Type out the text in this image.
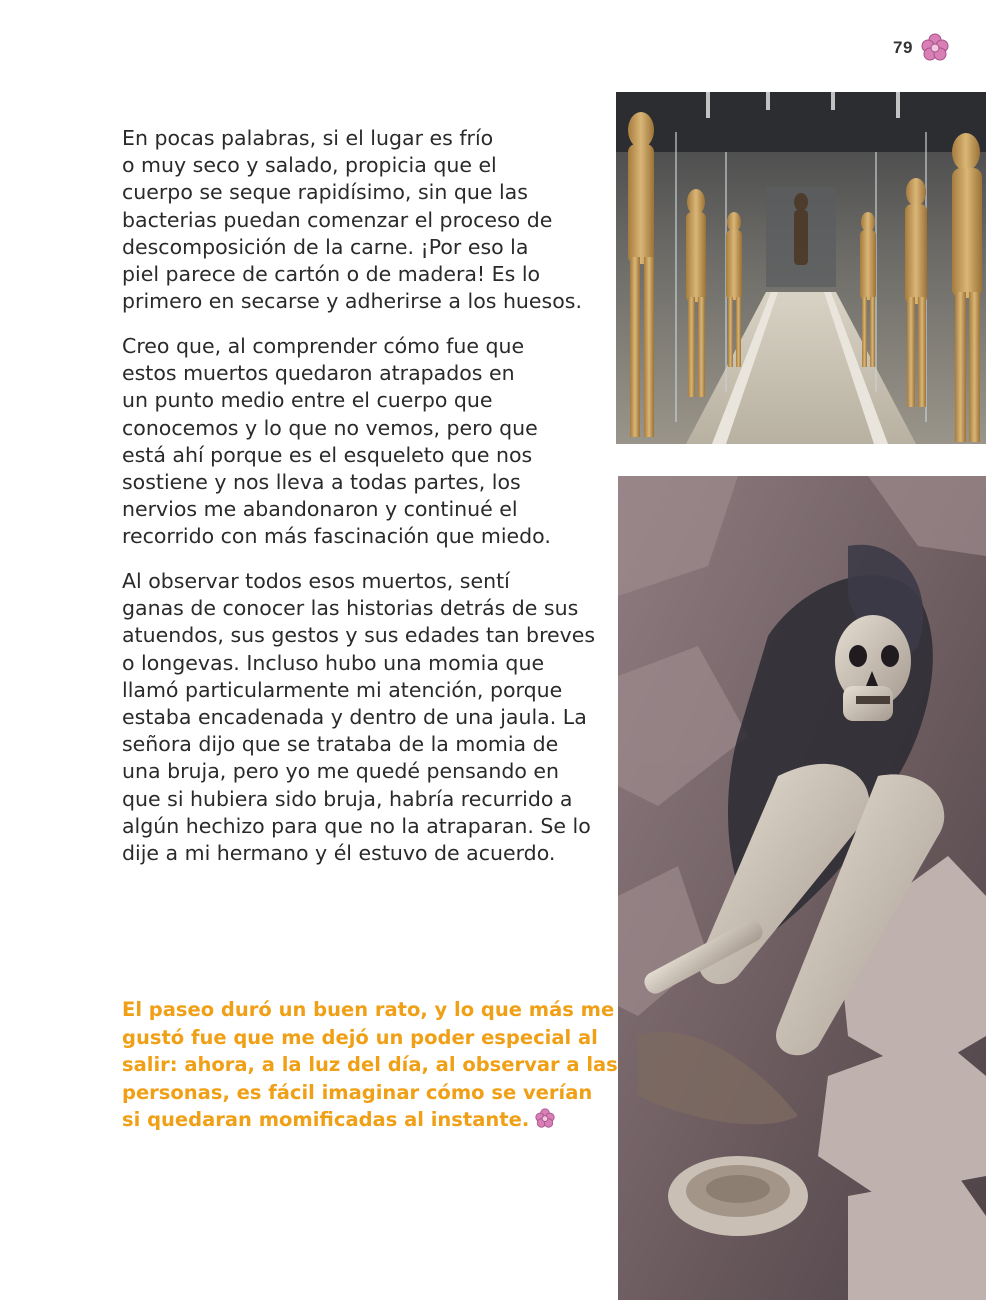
79

En pocas palabras, si el lugar es frío

o muy seco y salado, propicia que el

cuerpo se seque rapidísimo, sin que las

bacterias puedan comenzar el proceso de

descomposición de la carne. ¡Por eso la

piel parece de cartón o de madera! Es lo

primero en secarse y adherirse a los huesos.

Creo que, al comprender cómo fue que

estos muertos quedaron atrapados en

un punto medio entre el cuerpo que

conocemos y lo que no vemos, pero que

está ahí porque es el esqueleto que nos

sostiene y nos lleva a todas partes, los

nervios me abandonaron y continué el

recorrido con más fascinación que miedo.

Al observar todos esos muertos, sentí

ganas de conocer las historias detrás de sus

atuendos, sus gestos y sus edades tan breves

o longevas. Incluso hubo una momia que

llamó particularmente mi atención, porque

estaba encadenada y dentro de una jaula. La

señora dijo que se trataba de la momia de

una bruja, pero yo me quedé pensando en

que si hubiera sido bruja, habría recurrido a

algún hechizo para que no la atraparan. Se lo

dije a mi hermano y él estuvo de acuerdo.

El paseo duró un buen rato, y lo que más me
gustó fue que me dejó un poder especial al
salir: ahora, a la luz del día, al observar a las
personas, es fácil imaginar cómo se verían
si quedaran momificadas al instante.
